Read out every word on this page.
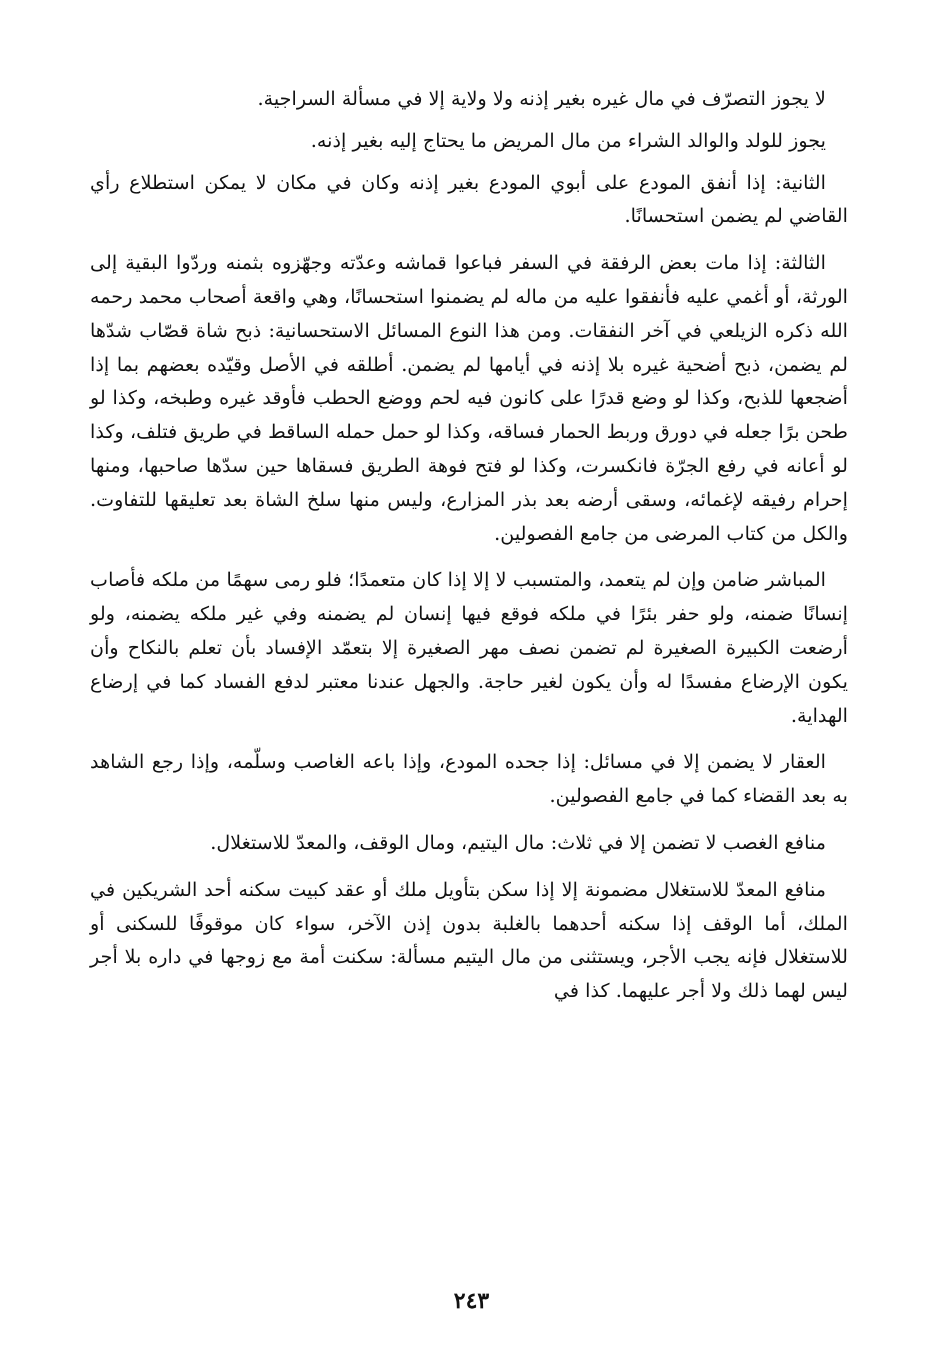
لا يجوز التصرّف في مال غيره بغير إذنه ولا ولاية إلا في مسألة السراجية.

يجوز للولد والوالد الشراء من مال المريض ما يحتاج إليه بغير إذنه.

الثانية: إذا أنفق المودع على أبوي المودع بغير إذنه وكان في مكان لا يمكن استطلاع رأي القاضي لم يضمن استحسانًا.

الثالثة: إذا مات بعض الرفقة في السفر فباعوا قماشه وعدّته وجهّزوه بثمنه وردّوا البقية إلى الورثة، أو أغمي عليه فأنفقوا عليه من ماله لم يضمنوا استحسانًا، وهي واقعة أصحاب محمد رحمه الله ذكره الزيلعي في آخر النفقات. ومن هذا النوع المسائل الاستحسانية: ذبح شاة قصّاب شدّها لم يضمن، ذبح أضحية غيره بلا إذنه في أيامها لم يضمن. أطلقه في الأصل وقيّده بعضهم بما إذا أضجعها للذبح، وكذا لو وضع قدرًا على كانون فيه لحم ووضع الحطب فأوقد غيره وطبخه، وكذا لو طحن برًا جعله في دورق وربط الحمار فساقه، وكذا لو حمل حمله الساقط في طريق فتلف، وكذا لو أعانه في رفع الجرّة فانكسرت، وكذا لو فتح فوهة الطريق فسقاها حين سدّها صاحبها، ومنها إحرام رفيقه لإغمائه، وسقى أرضه بعد بذر المزارع، وليس منها سلخ الشاة بعد تعليقها للتفاوت. والكل من كتاب المرضى من جامع الفصولين.

المباشر ضامن وإن لم يتعمد، والمتسبب لا إلا إذا كان متعمدًا؛ فلو رمى سهمًا من ملكه فأصاب إنسانًا ضمنه، ولو حفر بئرًا في ملكه فوقع فيها إنسان لم يضمنه وفي غير ملكه يضمنه، ولو أرضعت الكبيرة الصغيرة لم تضمن نصف مهر الصغيرة إلا بتعمّد الإفساد بأن تعلم بالنكاح وأن يكون الإرضاع مفسدًا له وأن يكون لغير حاجة. والجهل عندنا معتبر لدفع الفساد كما في إرضاع الهداية.

العقار لا يضمن إلا في مسائل: إذا جحده المودع، وإذا باعه الغاصب وسلّمه، وإذا رجع الشاهد به بعد القضاء كما في جامع الفصولين.

منافع الغصب لا تضمن إلا في ثلاث: مال اليتيم، ومال الوقف، والمعدّ للاستغلال.

منافع المعدّ للاستغلال مضمونة إلا إذا سكن بتأويل ملك أو عقد كبيت سكنه أحد الشريكين في الملك، أما الوقف إذا سكنه أحدهما بالغلبة بدون إذن الآخر، سواء كان موقوفًا للسكنى أو للاستغلال فإنه يجب الأجر، ويستثنى من مال اليتيم مسألة: سكنت أمة مع زوجها في داره بلا أجر ليس لهما ذلك ولا أجر عليهما. كذا في

٢٤٣
